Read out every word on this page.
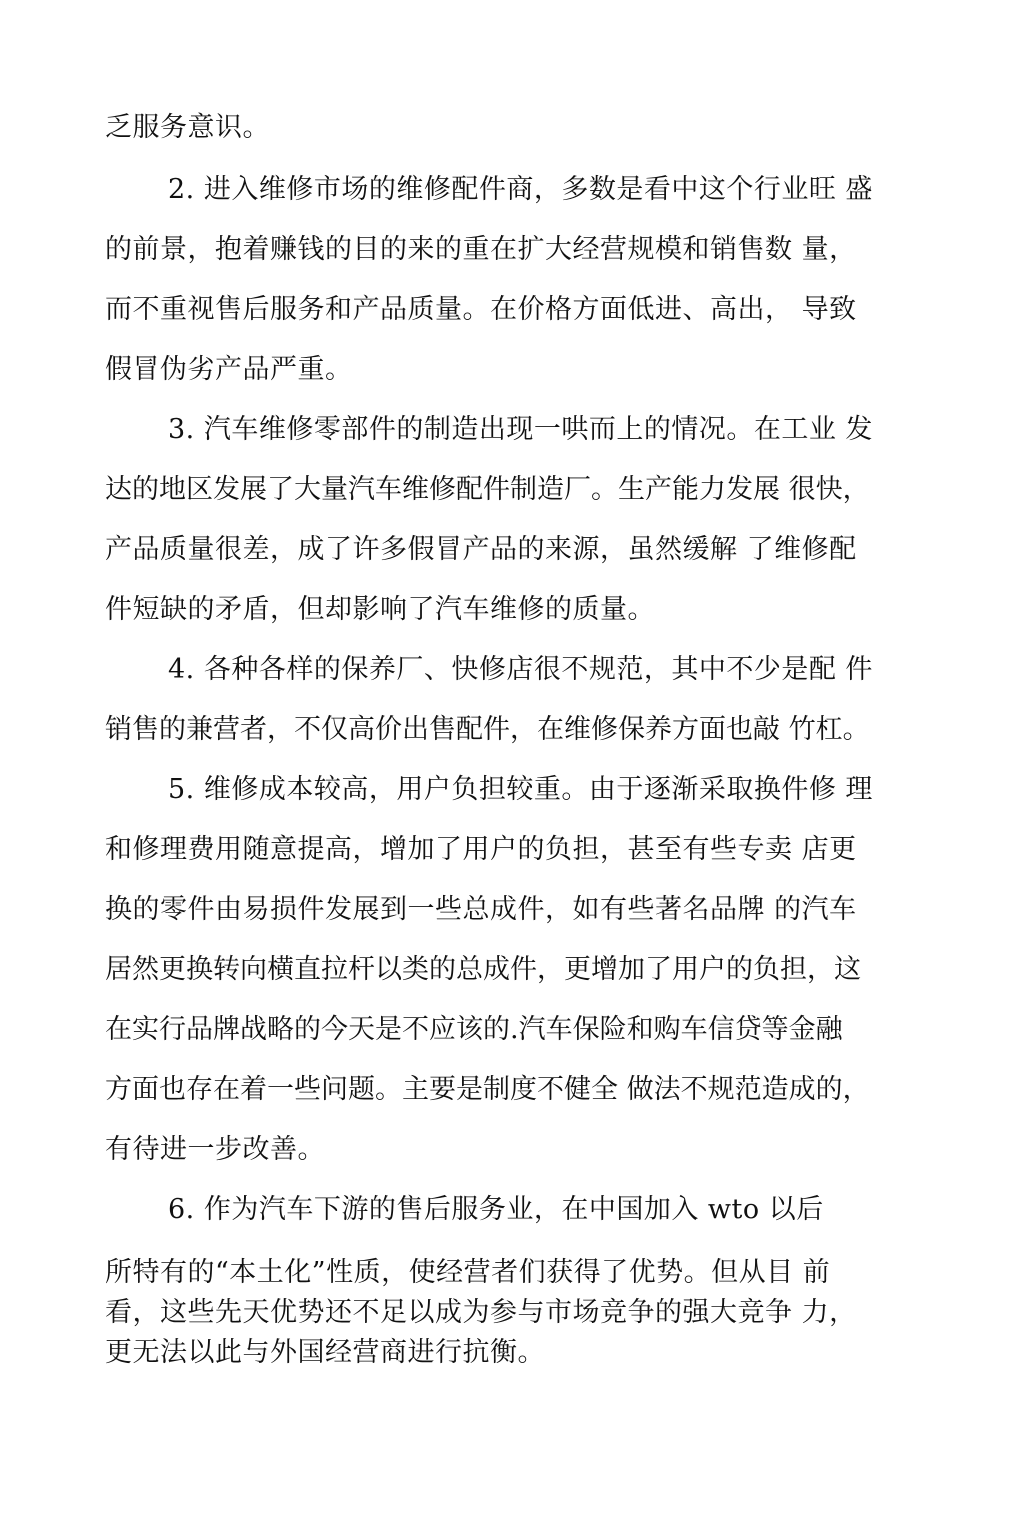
乏服务意识。
2. 进入维修市场的维修配件商，多数是看中这个行业旺 盛
的前景，抱着赚钱的目的来的重在扩大经营规模和销售数 量，
而不重视售后服务和产品质量。在价格方面低进、高出， 导致
假冒伪劣产品严重。
3. 汽车维修零部件的制造出现一哄而上的情况。在工业 发
达的地区发展了大量汽车维修配件制造厂。生产能力发展 很快，
产品质量很差，成了许多假冒产品的来源，虽然缓解 了维修配
件短缺的矛盾，但却影响了汽车维修的质量。
4. 各种各样的保养厂、快修店很不规范，其中不少是配 件
销售的兼营者，不仅高价出售配件，在维修保养方面也敲 竹杠。
5. 维修成本较高，用户负担较重。由于逐渐采取换件修 理
和修理费用随意提高，增加了用户的负担，甚至有些专卖 店更
换的零件由易损件发展到一些总成件，如有些著名品牌 的汽车
居然更换转向横直拉杆以类的总成件，更增加了用户的负担，这
在实行品牌战略的今天是不应该的.汽车保险和购车信贷等金融
方面也存在着一些问题。主要是制度不健全 做法不规范造成的，
有待进一步改善。
6. 作为汽车下游的售后服务业，在中国加入 wto 以后
所特有的“本土化”性质，使经营者们获得了优势。但从目 前
看，这些先天优势还不足以成为参与市场竞争的强大竞争 力，
更无法以此与外国经营商进行抗衡。
